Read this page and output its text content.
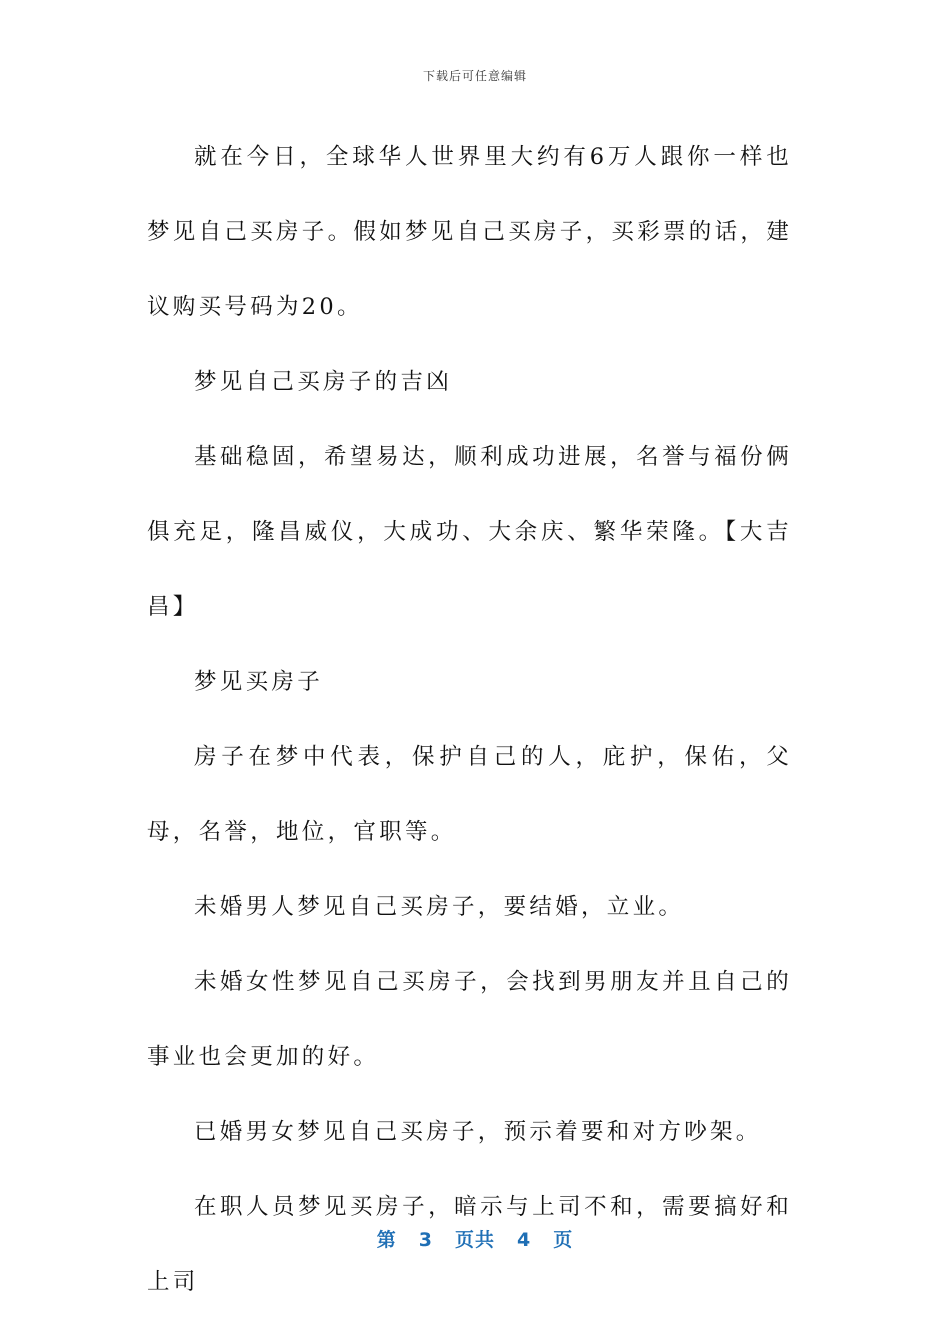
下载后可任意编辑

就在今日，全球华人世界里大约有6万人跟你一样也梦见自己买房子。假如梦见自己买房子，买彩票的话，建议购买号码为20。

梦见自己买房子的吉凶

基础稳固，希望易达，顺利成功进展，名誉与福份俩俱充足，隆昌威仪，大成功、大余庆、繁华荣隆。【大吉昌】

梦见买房子

房子在梦中代表，保护自己的人，庇护，保佑，父母，名誉，地位，官职等。

未婚男人梦见自己买房子，要结婚，立业。

未婚女性梦见自己买房子，会找到男朋友并且自己的事业也会更加的好。

已婚男女梦见自己买房子，预示着要和对方吵架。

在职人员梦见买房子，暗示与上司不和，需要搞好和上司

第 3 页共 4 页
